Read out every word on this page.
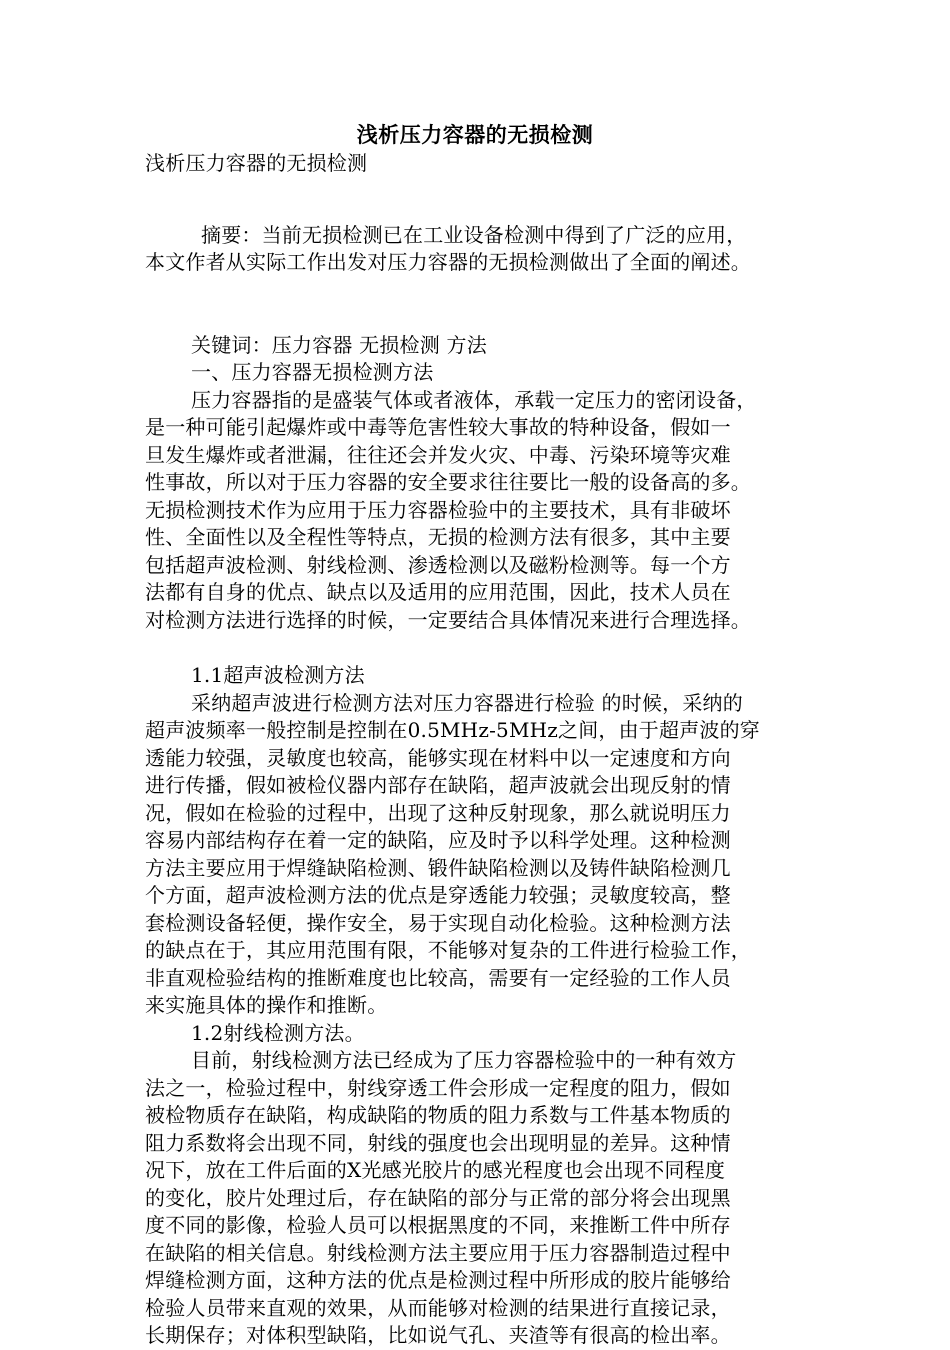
浅析压力容器的无损检测

浅析压力容器的无损检测

摘要：当前无损检测已在工业设备检测中得到了广泛的应用，

本文作者从实际工作出发对压力容器的无损检测做出了全面的阐述。

关键词：压力容器 无损检测 方法

一、压力容器无损检测方法

压力容器指的是盛装气体或者液体，承载一定压力的密闭设备，

是一种可能引起爆炸或中毒等危害性较大事故的特种设备，假如一

旦发生爆炸或者泄漏，往往还会并发火灾、中毒、污染环境等灾难

性事故，所以对于压力容器的安全要求往往要比一般的设备高的多。

无损检测技术作为应用于压力容器检验中的主要技术，具有非破坏

性、全面性以及全程性等特点，无损的检测方法有很多，其中主要

包括超声波检测、射线检测、渗透检测以及磁粉检测等。每一个方

法都有自身的优点、缺点以及适用的应用范围，因此，技术人员在

对检测方法进行选择的时候，一定要结合具体情况来进行合理选择。

1.1超声波检测方法

采纳超声波进行检测方法对压力容器进行检验 的时候，采纳的

超声波频率一般控制是控制在0.5MHz-5MHz之间，由于超声波的穿

透能力较强，灵敏度也较高，能够实现在材料中以一定速度和方向

进行传播，假如被检仪器内部存在缺陷，超声波就会出现反射的情

况，假如在检验的过程中，出现了这种反射现象，那么就说明压力

容易内部结构存在着一定的缺陷，应及时予以科学处理。这种检测

方法主要应用于焊缝缺陷检测、锻件缺陷检测以及铸件缺陷检测几

个方面，超声波检测方法的优点是穿透能力较强；灵敏度较高，整

套检测设备轻便，操作安全，易于实现自动化检验。这种检测方法

的缺点在于，其应用范围有限，不能够对复杂的工件进行检验工作，

非直观检验结构的推断难度也比较高，需要有一定经验的工作人员

来实施具体的操作和推断。

1.2射线检测方法。

目前，射线检测方法已经成为了压力容器检验中的一种有效方

法之一，检验过程中，射线穿透工件会形成一定程度的阻力，假如

被检物质存在缺陷，构成缺陷的物质的阻力系数与工件基本物质的

阻力系数将会出现不同，射线的强度也会出现明显的差异。这种情

况下，放在工件后面的X光感光胶片的感光程度也会出现不同程度

的变化，胶片处理过后，存在缺陷的部分与正常的部分将会出现黑

度不同的影像，检验人员可以根据黑度的不同，来推断工件中所存

在缺陷的相关信息。射线检测方法主要应用于压力容器制造过程中

焊缝检测方面，这种方法的优点是检测过程中所形成的胶片能够给

检验人员带来直观的效果，从而能够对检测的结果进行直接记录，

长期保存；对体积型缺陷，比如说气孔、夹渣等有很高的检出率。
